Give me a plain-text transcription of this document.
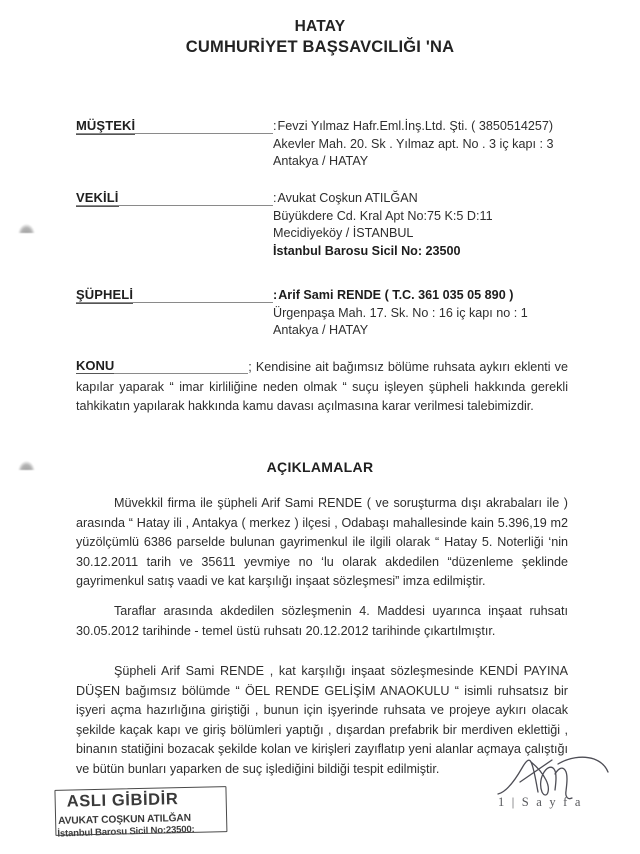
HATAY
CUMHURİYET BAŞSAVCILIĞI 'NA
MÜŞTEKİ	:Fevzi Yılmaz Hafr.Eml.İnş.Ltd. Şti. ( 3850514257)
Akevler Mah. 20. Sk . Yılmaz apt. No . 3 iç kapı : 3
Antakya / HATAY
VEKİLİ	:Avukat Coşkun ATILĞAN
Büyükdere Cd. Kral Apt No:75 K:5 D:11
Mecidiyeköy / İSTANBUL
İstanbul Barosu Sicil No: 23500
ŞÜPHELİ	:Arif Sami RENDE ( T.C. 361 035 05 890 )
Ürgenpaşa Mah. 17. Sk. No : 16 iç kapı no : 1
Antakya / HATAY
KONU	; Kendisine ait bağımsız bölüme ruhsata aykırı eklenti ve kapılar yaparak “ imar kirliliğine neden olmak “ suçu işleyen şüpheli hakkında gerekli tahkikatın yapılarak hakkında kamu davası açılmasına karar verilmesi talebimizdir.
AÇIKLAMALAR
Müvekkil firma ile şüpheli Arif Sami RENDE ( ve soruşturma dışı akrabaları ile ) arasında “ Hatay ili , Antakya ( merkez ) ilçesi , Odabaşı mahallesinde kain 5.396,19 m2 yüzölçümlü 6386 parselde bulunan gayrimenkul ile ilgili olarak “ Hatay 5. Noterliği ‘nin 30.12.2011 tarih ve 35611 yevmiye no ‘lu olarak akdedilen “düzenleme şeklinde gayrimenkul satış vaadi ve kat karşılığı inşaat sözleşmesi” imza edilmiştir.
Taraflar arasında akdedilen sözleşmenin 4. Maddesi uyarınca inşaat ruhsatı 30.05.2012 tarihinde - temel üstü ruhsatı 20.12.2012 tarihinde çıkartılmıştır.
Şüpheli Arif Sami RENDE , kat karşılığı inşaat sözleşmesinde KENDİ PAYINA DÜŞEN bağımsız bölümde “ ÖEL RENDE GELİŞİM ANAOKULU “ isimli ruhsatsız bir işyeri açma hazırlığına giriştiği , bunun için işyerinde ruhsata ve projeye aykırı olacak şekilde kaçak kapı ve giriş bölümleri yaptığı , dışardan prefabrik bir merdiven eklettiği , binanın statiğini bozacak şekilde kolan ve kirişleri zayıflatıp yeni alanlar açmaya çalıştığı ve bütün bunları yaparken de suç işlediğini bildiği tespit edilmiştir.
ASLI GİBİDİR
AVUKAT COŞKUN ATILĞAN
İstanbul Barosu Sicil No:23500:
1 | S a y f a
